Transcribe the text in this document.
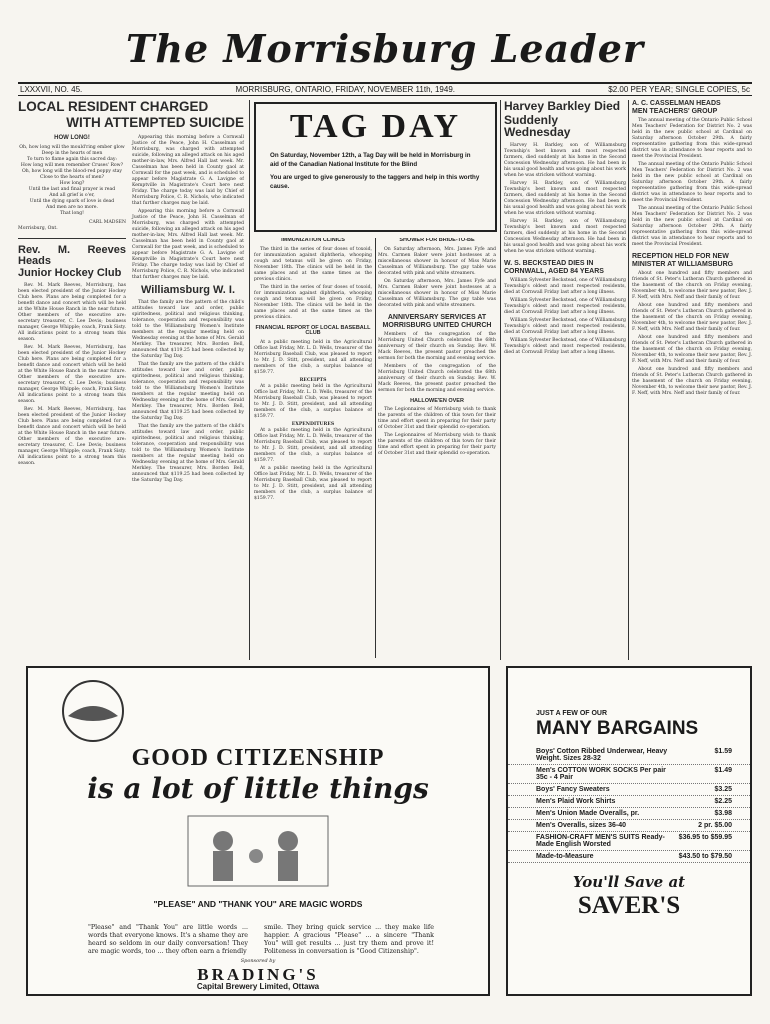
The Morrisburg Leader
LXXXVII, NO. 45.	MORRISBURG, ONTARIO, FRIDAY, NOVEMBER 11th, 1949.	$2.00 PER YEAR; SINGLE COPIES, 5c
LOCAL RESIDENT CHARGED
WITH ATTEMPTED SUICIDE
HOW LONG!
Oh, how long will the mould'ring ember glow
Deep in the hearts of men
To turn to flame again this sacred day:
How long will men remember Cruses' Row?
Oh, how long will the blood-red poppy stay
Close to the hearts of men?
How long?
Until the last and final prayer is read
And all grief is o'er,
Until the dying spark of love is dead
And men are no more.
That long!
CARL MADSEN
Morrisburg, Ont.
Rev. M. Reeves Heads
Junior Hockey Club

Rev. M. Mark Reeves, Morrisburg, has been elected president of the Junior Hockey Club here. Plans are being completed for a benefit dance and concert which will be held at the White House Ranch in the near future. Other members of the executive are: secretary treasurer, C. Lee Devis; business manager, George Whipple; coach, Frank Sisty. All indications point to a strong team this season.

Rev. M. Mark Reeves, Morrisburg, has been elected president of the Junior Hockey Club here. Plans are being completed for a benefit dance and concert which will be held at the White House Ranch in the near future. Other members of the executive are: secretary treasurer, C. Lee Devis; business manager, George Whipple; coach, Frank Sisty. All indications point to a strong team this season.

Rev. M. Mark Reeves, Morrisburg, has been elected president of the Junior Hockey Club here. Plans are being completed for a benefit dance and concert which will be held at the White House Ranch in the near future. Other members of the executive are: secretary treasurer, C. Lee Devis; business manager, George Whipple; coach, Frank Sisty. All indications point to a strong team this season.

Appearing this morning before a Cornwall Justice of the Peace, John H. Casselman of Morrisburg, was charged with attempted suicide, following an alleged attack on his aged mother-in-law, Mrs. Alfred Hall last week. Mr. Casselman has been held in County gaol at Cornwall for the past week, and is scheduled to appear before Magistrate G. A. Lavigne of Kemptville in Magistrate's Court here next Friday. The charge today was laid by Chief of Morrisburg Police, C. R. Nichols, who indicated that further charges may be laid.

Appearing this morning before a Cornwall Justice of the Peace, John H. Casselman of Morrisburg, was charged with attempted suicide, following an alleged attack on his aged mother-in-law, Mrs. Alfred Hall last week. Mr. Casselman has been held in County gaol at Cornwall for the past week, and is scheduled to appear before Magistrate G. A. Lavigne of Kemptville in Magistrate's Court here next Friday. The charge today was laid by Chief of Morrisburg Police, C. R. Nichols, who indicated that further charges may be laid.

Williamsburg W. I.

That the family are the pattern of the child's attitudes toward law and order, public spiritedness, political and religious thinking, tolerance, cooperation and responsibility was told to the Williamsburg Women's Institute members at the regular meeting held on Wednesday evening at the home of Mrs. Gerald Merkley. The treasurer, Mrs. Borden Bell, announced that $119.25 had been collected by the Saturday Tag Day.

That the family are the pattern of the child's attitudes toward law and order, public spiritedness, political and religious thinking, tolerance, cooperation and responsibility was told to the Williamsburg Women's Institute members at the regular meeting held on Wednesday evening at the home of Mrs. Gerald Merkley. The treasurer, Mrs. Borden Bell, announced that $119.25 had been collected by the Saturday Tag Day.

That the family are the pattern of the child's attitudes toward law and order, public spiritedness, political and religious thinking, tolerance, cooperation and responsibility was told to the Williamsburg Women's Institute members at the regular meeting held on Wednesday evening at the home of Mrs. Gerald Merkley. The treasurer, Mrs. Borden Bell, announced that $119.25 had been collected by the Saturday Tag Day.

TAG DAY

On Saturday, November 12th, a Tag Day will be held in Morrisburg in aid of the Canadian National Institute for the Blind

You are urged to give generously to the taggers and help in this worthy cause.

IMMUNIZATION CLINICS

The third in the series of four doses of toxoid, for immunization against diphtheria, whooping cough and tetanus will be given on Friday, November 18th. The clinics will be held in the same places and at the same times as the previous clinics.

The third in the series of four doses of toxoid, for immunization against diphtheria, whooping cough and tetanus will be given on Friday, November 18th. The clinics will be held in the same places and at the same times as the previous clinics.

FINANCIAL REPORT OF LOCAL BASEBALL CLUB

At a public meeting held in the Agricultural Office last Friday, Mr. L. D. Wells, treasurer of the Morrisburg Baseball Club, was pleased to report to Mr. J. D. Stitt, president, and all attending members of the club, a surplus balance of $159.77.

RECEIPTS

At a public meeting held in the Agricultural Office last Friday, Mr. L. D. Wells, treasurer of the Morrisburg Baseball Club, was pleased to report to Mr. J. D. Stitt, president, and all attending members of the club, a surplus balance of $159.77.

EXPENDITURES

At a public meeting held in the Agricultural Office last Friday, Mr. L. D. Wells, treasurer of the Morrisburg Baseball Club, was pleased to report to Mr. J. D. Stitt, president, and all attending members of the club, a surplus balance of $159.77.

At a public meeting held in the Agricultural Office last Friday, Mr. L. D. Wells, treasurer of the Morrisburg Baseball Club, was pleased to report to Mr. J. D. Stitt, president, and all attending members of the club, a surplus balance of $159.77.

SHOWER FOR BRIDE-TO-BE

On Saturday afternoon, Mrs. James Fyfe and Mrs. Carmen Baker were joint hostesses at a miscellaneous shower in honour of Miss Marie Casselman of Williamsburg. The gay table was decorated with pink and white streamers.

On Saturday afternoon, Mrs. James Fyfe and Mrs. Carmen Baker were joint hostesses at a miscellaneous shower in honour of Miss Marie Casselman of Williamsburg. The gay table was decorated with pink and white streamers.

ANNIVERSARY SERVICES AT
MORRISBURG UNITED CHURCH

Members of the congregation of the Morrisburg United Church celebrated the 68th anniversary of their church on Sunday. Rev. W. Mack Reeves, the present pastor preached the sermon for both the morning and evening service.

Members of the congregation of the Morrisburg United Church celebrated the 68th anniversary of their church on Sunday. Rev. W. Mack Reeves, the present pastor preached the sermon for both the morning and evening service.

HALLOWE'EN OVER

The Legionnaires of Morrisburg wish to thank the parents of the children of this town for their time and effort spent in preparing for their party of October 31st and their splendid co-operation.

The Legionnaires of Morrisburg wish to thank the parents of the children of this town for their time and effort spent in preparing for their party of October 31st and their splendid co-operation.

Harvey Barkley Died
Suddenly Wednesday

Harvey H. Barkley, son of Williamsburg Township's best known and most respected farmers, died suddenly at his home in the Second Concession Wednesday afternoon. He had been in his usual good health and was going about his work when he was stricken without warning.

Harvey H. Barkley, son of Williamsburg Township's best known and most respected farmers, died suddenly at his home in the Second Concession Wednesday afternoon. He had been in his usual good health and was going about his work when he was stricken without warning.

Harvey H. Barkley, son of Williamsburg Township's best known and most respected farmers, died suddenly at his home in the Second Concession Wednesday afternoon. He had been in his usual good health and was going about his work when he was stricken without warning.

W. S. BECKSTEAD DIES IN
CORNWALL, AGED 84 YEARS

William Sylvester Beckstead, one of Williamsburg Township's oldest and most respected residents, died at Cornwall Friday last after a long illness.

William Sylvester Beckstead, one of Williamsburg Township's oldest and most respected residents, died at Cornwall Friday last after a long illness.

William Sylvester Beckstead, one of Williamsburg Township's oldest and most respected residents, died at Cornwall Friday last after a long illness.

William Sylvester Beckstead, one of Williamsburg Township's oldest and most respected residents, died at Cornwall Friday last after a long illness.

A. C. CASSELMAN HEADS
MEN TEACHERS' GROUP

The annual meeting of the Ontario Public School Men Teachers' Federation for District No. 2 was held in the new public school at Cardinal on Saturday afternoon October 29th. A fairly representative gathering from this wide-spread district was in attendance to hear reports and to meet the Provincial President.

The annual meeting of the Ontario Public School Men Teachers' Federation for District No. 2 was held in the new public school at Cardinal on Saturday afternoon October 29th. A fairly representative gathering from this wide-spread district was in attendance to hear reports and to meet the Provincial President.

The annual meeting of the Ontario Public School Men Teachers' Federation for District No. 2 was held in the new public school at Cardinal on Saturday afternoon October 29th. A fairly representative gathering from this wide-spread district was in attendance to hear reports and to meet the Provincial President.

RECEPTION HELD FOR NEW
MINISTER AT WILLIAMSBURG

About one hundred and fifty members and friends of St. Peter's Lutheran Church gathered in the basement of the church on Friday evening, November 4th, to welcome their new pastor, Rev. J. F. Neff, with Mrs. Neff and their family of four.

About one hundred and fifty members and friends of St. Peter's Lutheran Church gathered in the basement of the church on Friday evening, November 4th, to welcome their new pastor, Rev. J. F. Neff, with Mrs. Neff and their family of four.

About one hundred and fifty members and friends of St. Peter's Lutheran Church gathered in the basement of the church on Friday evening, November 4th, to welcome their new pastor, Rev. J. F. Neff, with Mrs. Neff and their family of four.

About one hundred and fifty members and friends of St. Peter's Lutheran Church gathered in the basement of the church on Friday evening, November 4th, to welcome their new pastor, Rev. J. F. Neff, with Mrs. Neff and their family of four.

GOOD CITIZENSHIP
is a lot of little things
"PLEASE" AND "THANK YOU" ARE MAGIC WORDS
"Please" and "Thank You" are little words ... words that everyone knows. It's a shame they are heard so seldom in our daily conversation! They are magic words, too ... they often earn a friendly
smile. They bring quick service ... they make life happier. A gracious "Please" ... a sincere "Thank You" will get results ... just try them and prove it! Politeness in conversation is "Good Citizenship".
Sponsored by
BRADING'S
Capital Brewery Limited, Ottawa
JUST A FEW OF OUR
MANY BARGAINS
Boys' Cotton Ribbed Underwear, Heavy Weight. Sizes 28-32
$1.59
Men's COTTON WORK SOCKS Per pair 35c - 4 Pair
$1.49
Boys' Fancy Sweaters	$3.25
Men's Plaid Work Shirts	$2.25
Men's Union Made Overalls, pr.	$3.98
Men's Overalls, sizes 36-40	2 pr. $5.00
FASHION-CRAFT MEN'S SUITS Ready-Made English Worsted
$36.95 to $59.95
Made-to-Measure	$43.50 to $79.50
You'll Save at
SAVER'S
